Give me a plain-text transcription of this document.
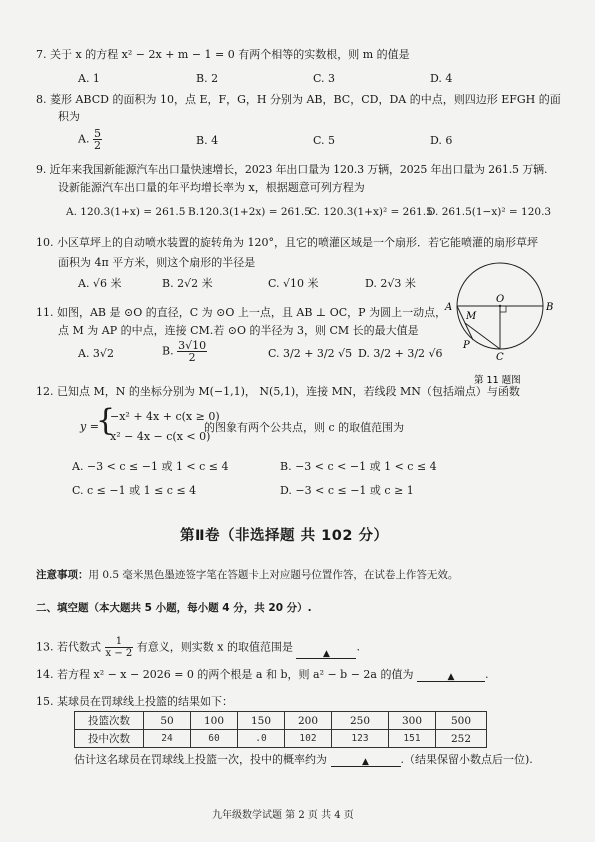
7. 关于 x 的方程 x² − 2x + m − 1 = 0 有两个相等的实数根，则 m 的值是
A. 1	B. 2	C. 3	D. 4
8. 菱形 ABCD 的面积为 10，点 E，F，G，H 分别为 AB，BC，CD，DA 的中点，则四边形 EFGH 的面
积为
A. $\frac{5}{2}$	B. 4	C. 5	D. 6
9. 近年来我国新能源汽车出口量快速增长，2023 年出口量为 120.3 万辆，2025 年出口量为 261.5 万辆.
设新能源汽车出口量的年平均增长率为 x，根据题意可列方程为
A. 120.3(1+x) = 261.5 B.120.3(1+2x) = 261.5
C. 120.3(1+x)² = 261.5
D. 261.5(1−x)² = 120.3
10. 小区草坪上的自动喷水装置的旋转角为 120°，且它的喷灌区域是一个扇形．若它能喷灌的扇形草坪
面积为 4π 平方米，则这个扇形的半径是
A. √6 米	B. 2√2 米	C. √10 米	D. 2√3 米
A	B
O
M
P
C
第 11 题图
11. 如图，AB 是 ⊙O 的直径，C 为 ⊙O 上一点，且 AB ⊥ OC，P 为圆上一动点，
点 M 为 AP 的中点，连接 CM.若 ⊙O 的半径为 3，则 CM 长的最大值是
A. 3√2	B. $\frac{3√10}{2}$	C. 3/2 + 3/2 √5 D. 3/2 + 3/2 √6
12. 已知点 M，N 的坐标分别为 M(−1,1)， N(5,1)，连接 MN，若线段 MN（包括端点）与函数
y =
{
−x² + 4x + c(x ≥ 0)
x² − 4x − c(x < 0)
的图象有两个公共点，则 c 的取值范围为
A. −3 < c ≤ −1 或 1 < c ≤ 4	B. −3 < c < −1 或 1 < c ≤ 4
C. c ≤ −1 或 1 ≤ c ≤ 4	D. −3 < c ≤ −1 或 c ≥ 1
第Ⅱ卷（非选择题 共 102 分）
注意事项：用 0.5 毫米黑色墨迹签字笔在答题卡上对应题号位置作答，在试卷上作答无效。
二、填空题（本大题共 5 小题，每小题 4 分，共 20 分）.
13. 若代数式 $\frac{1}{x - 2}$ 有意义，则实数 x 的取值范围是 ▲.
14. 若方程 x² − x − 2026 = 0 的两个根是 a 和 b，则 a² − b − 2a 的值为	▲	.
15. 某球员在罚球线上投篮的结果如下：
投篮次数	50	100	150	200	250	300	500
投中次数	24	60	.0	102	123	151	252
估计这名球员在罚球线上投篮一次，投中的概率约为	▲	.（结果保留小数点后一位).
九年级数学试题 第 2 页 共 4 页
